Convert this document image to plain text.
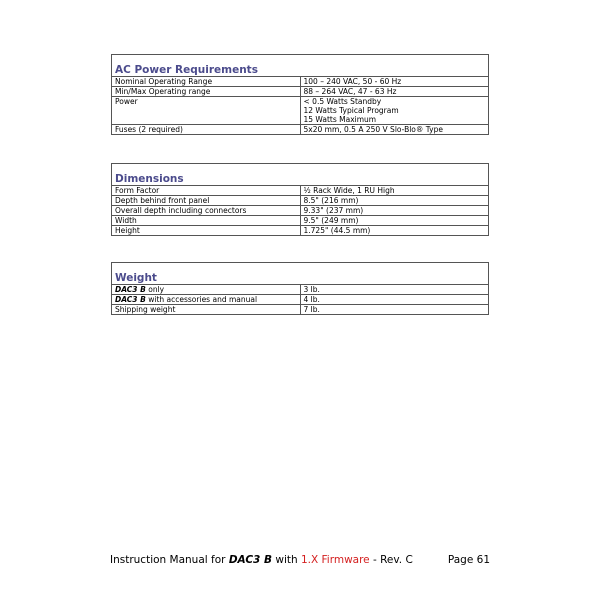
AC Power Requirements	
Nominal Operating Range	100 – 240 VAC, 50 - 60 Hz
Min/Max Operating range	88 – 264 VAC, 47 - 63 Hz
Power	< 0.5 Watts Standby
12 Watts Typical Program
15 Watts Maximum

Fuses (2 required)	5x20 mm, 0.5 A 250 V Slo-Blo® Type
Dimensions	
Form Factor	½ Rack Wide, 1 RU High
Depth behind front panel	8.5" (216 mm)
Overall depth including connectors	9.33" (237 mm)
Width	9.5" (249 mm)
Height	1.725" (44.5 mm)
Weight	
DAC3 B only	3 lb.
DAC3 B with accessories and manual	4 lb.
Shipping weight	7 lb.
Instruction Manual for DAC3 B with 1.X Firmware - Rev. C	Page 61
